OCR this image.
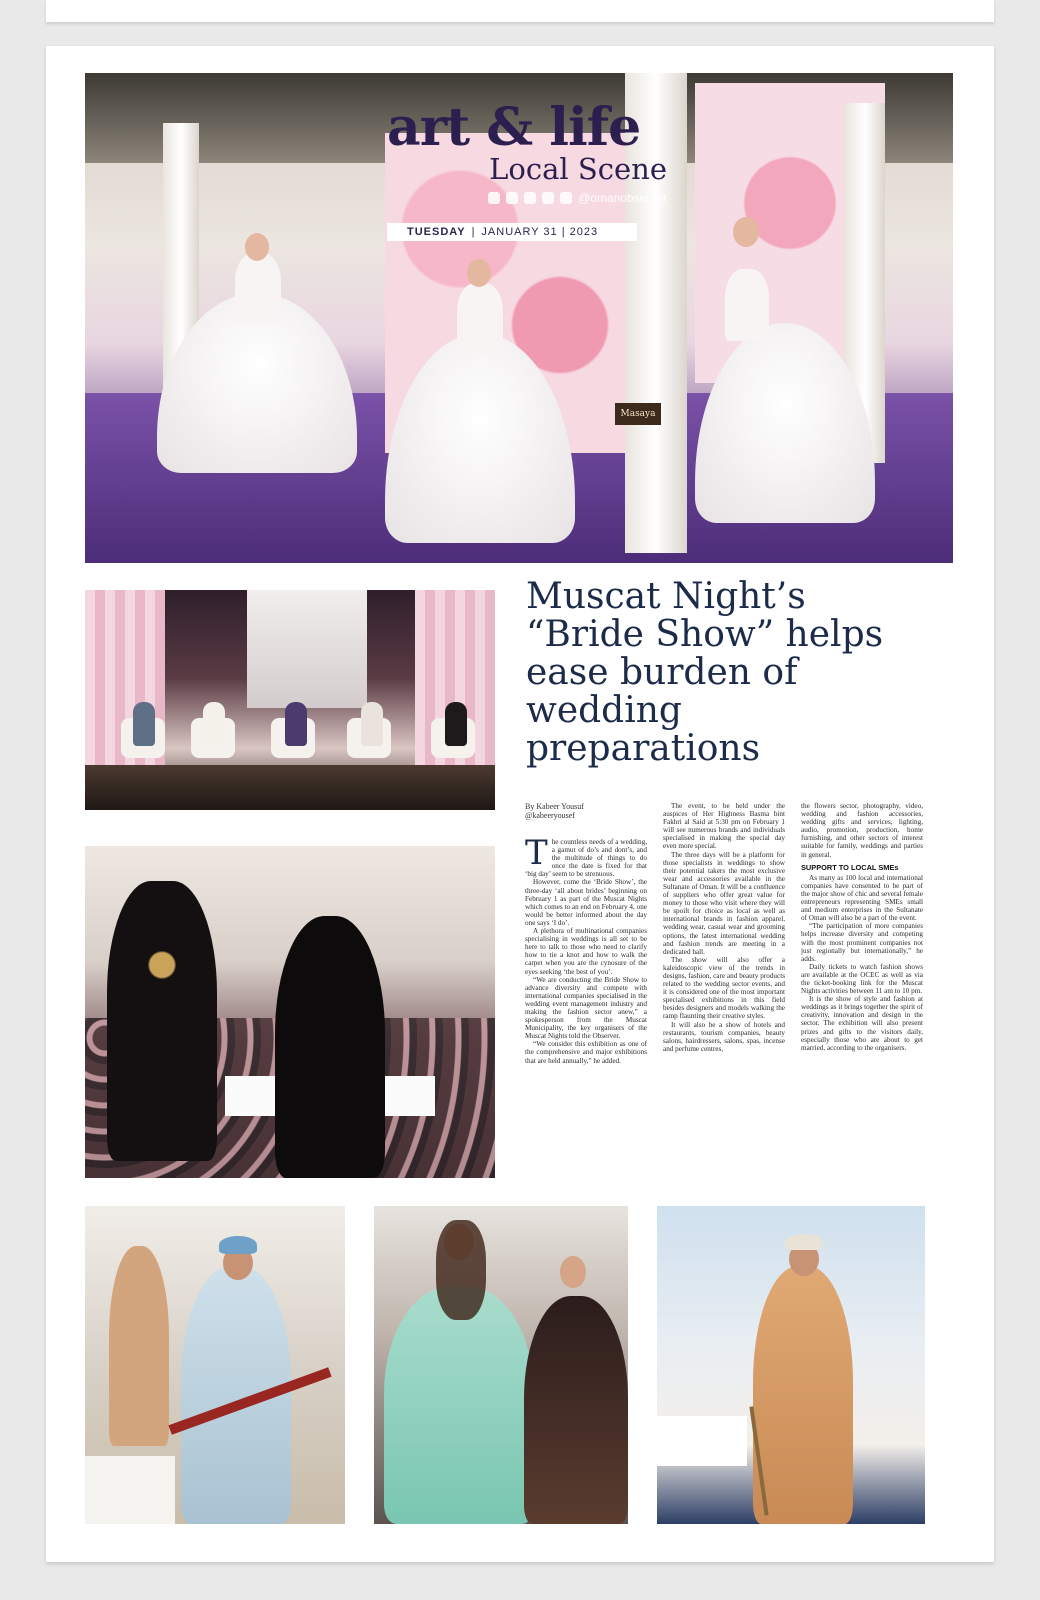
Masaya
art & life
Local Scene
@omanobserver
TUESDAY | JANUARY 31 | 2023
Muscat Night’s “Bride Show” helps ease burden of wedding preparations
By Kabeer Yousuf
@kabeeryousef

The countless needs of a wedding, a gamut of do’s and dont’s, and the multitude of things to do once the date is fixed for that ‘big day’ seem to be strenuous.

However, come the ‘Bride Show’, the three-day ‘all about brides’ beginning on February 1 as part of the Muscat Nights which comes to an end on February 4, one would be better informed about the day one says ‘I do’.

A plethora of multinational companies specialising in weddings is all set to be here to talk to those who need to clarify how to tie a knot and how to walk the carpet when you are the cynosure of the eyes seeking ‘the best of you’.

“We are conducting the Bride Show to advance diversity and compete with international companies specialised in the wedding event management industry and making the fashion sector anew,” a spokesperson from the Muscat Municipality, the key organisers of the Muscat Nights told the Observer.

“We consider this exhibition as one of the comprehensive and major exhibitions that are held annually,” he added.

The event, to be held under the auspices of Her Highness Basma bint Fakhri al Said at 5:30 pm on February 1 will see numerous brands and individuals specialised in making the special day even more special.

The three days will be a platform for those specialists in weddings to show their potential takers the most exclusive wear and accessories available in the Sultanate of Oman. It will be a confluence of suppliers who offer great value for money to those who visit where they will be spoilt for choice as local as well as international brands in fashion apparel, wedding wear, casual wear and grooming options, the latest international wedding and fashion trends are meeting in a dedicated hall.

The show will also offer a kaleidoscopic view of the trends in designs, fashion, care and beauty products related to the wedding sector events, and it is considered one of the most important specialised exhibitions in this field besides designers and models walking the ramp flaunting their creative styles.

It will also be a show of hotels and restaurants, tourism companies, beauty salons, hairdressers, salons, spas, incense and perfume centres,

the flowers sector, photography, video, wedding and fashion accessories, wedding gifts and services, lighting, audio, promotion, production, home furnishing, and other sectors of interest suitable for family, weddings and parties in general.

SUPPORT TO LOCAL SMEs

As many as 100 local and international companies have consented to be part of the major show of chic and several female entrepreneurs representing SMEs small and medium enterprises in the Sultanate of Oman will also be a part of the event.

“The participation of more companies helps increase diversity and competing with the most prominent companies not just regionally but internationally,” he adds.

Daily tickets to watch fashion shows are available at the OCEC as well as via the ticket-booking link for the Muscat Nights activities between 11 am to 10 pm.

It is the show of style and fashion at weddings as it brings together the spirit of creativity, innovation and design in the sector. The exhibition will also present prizes and gifts to the visitors daily, especially those who are about to get married, according to the organisers.
